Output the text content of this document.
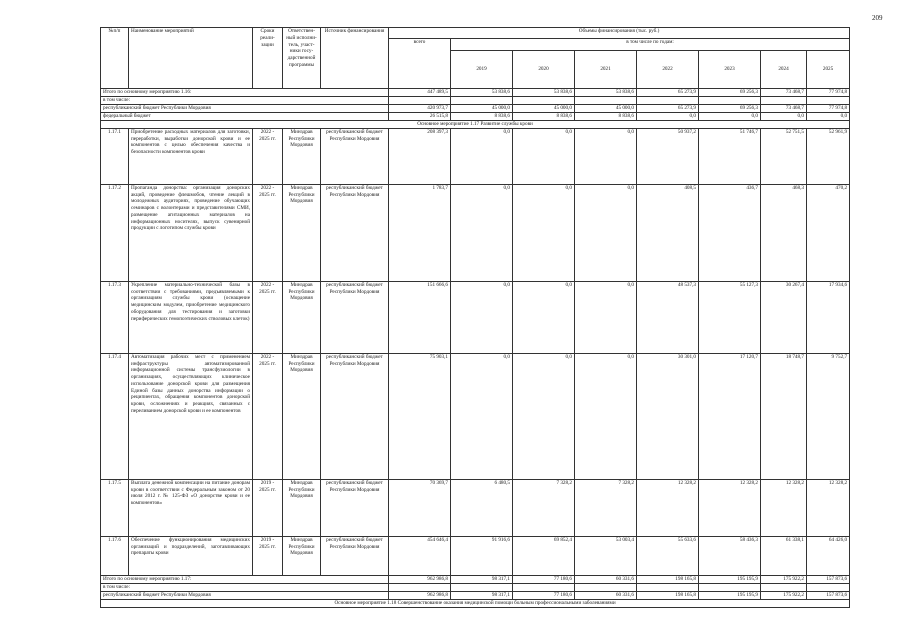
209
№п/п	Наименование мероприятий	Сроки реали-зации	Ответствен-ный исполни-тель, участ-ники госу-дарственной программы	Источник финансирования	Объемы финансирования (тыс. руб.)							
					всего	в том числе по годам:						
						2019	2020	2021	2022	2023	2024	2025
Итого по основному мероприятию 1.16:					447 489,5	53 838,6	53 838,6	53 838,6	65 273,9	69 256,3	73 468,7	77 974,8
в том числе:												
республиканский бюджет Республики Мордовия					420 973,7	45 000,0	45 000,0	45 000,0	65 273,9	69 256,3	73 468,7	77 974,8
федеральный бюджет					26 515,8	8 838,6	8 838,6	8 838,6	0,0	0,0	0,0	0,0
Основное мероприятие 1.17 Развитие службы крови												
1.17.1	Приобретение расходных материалов для заготовки, переработки, выработки донорской крови и ее компонентов с целью обеспечения качества и безопасности компонентов крови	2022 - 2025 гг.	Минздрав Республики Мордовия	республиканский бюджет Республики Мордовия	208 397,3	0,0	0,0	0,0	50 937,2	51 746,7	52 751,5	52 961,9
1.17.2	Пропаганда донорства: организация донорских акций, проведение флешмобов, чтение лекций в молодежных аудиториях, проведение обучающих семинаров с волонтерами и представителями СМИ, размещение агитационных материалов на информационных носителях, выпуск сувенирной продукции с логотипом службы крови	2022 - 2025 гг.	Минздрав Республики Мордовия	республиканский бюджет Республики Мордовия	1 783,7	0,0	0,0	0,0	408,5	436,7	468,3	470,2
1.17.3	Укрепление материально-технической базы в соответствии с требованиями, предъявляемыми к организациям службы крови (оснащение медицинским модулем, приобретение медицинского оборудования для тестирования и заготовки периферических гемопоэтических стволовых клеток)	2022 - 2025 гг.	Минздрав Республики Мордовия	республиканский бюджет Республики Мордовия	151 666,6	0,0	0,0	0,0	48 537,3	55 127,3	30 267,4	17 934,6
1.17.4	Автоматизация рабочих мест с применением инфраструктуры автоматизированной информационной системы трансфузиологии в организациях, осуществляющих клиническое использование донорской крови для размещения Единой базы данных донорства информации о реципиентах, обращения компонентов донорской крови, осложнениях и реакциях, связанных с переливанием донорской крови и ее компонентов	2022 - 2025 гг.	Минздрав Республики Мордовия	республиканский бюджет Республики Мордовия	75 903,1	0,0	0,0	0,0	30 301,0	17 120,7	18 748,7	9 752,7
1.17.5	Выплата денежной компенсации на питание донорам крови в соответствии с Федеральным законом от 20 июля 2012 г. № 125-ФЗ «О донорстве крови и ее компонентов»	2019 - 2025 гг.	Минздрав Республики Мордовия	республиканский бюджет Республики Мордовия	70 369,7	6 480,5	7 328,2	7 328,2	12 328,2	12 328,2	12 328,2	12 328,2
1.17.6	Обеспечение функционирования медицинских организаций и подразделений, заготавливающих препараты крови	2019 - 2025 гг.	Минздрав Республики Мордовия	республиканский бюджет Республики Мордовия	454 646,4	91 916,6	69 852,4	53 003,4	55 633,6	58 436,3	61 338,1	64 426,0
Итого по основному мероприятию 1.17:					962 986,8	98 317,1	77 180,6	60 331,6	198 165,8	195 195,9	175 922,2	157 873,6
в том числе:												
республиканский бюджет Республики Мордовия					962 986,8	98 317,1	77 180,6	60 331,6	198 165,8	195 195,9	175 922,2	157 873,6
Основное мероприятие 1.18 Совершенствование оказания медицинской помощи больным профессиональными заболеваниями												
